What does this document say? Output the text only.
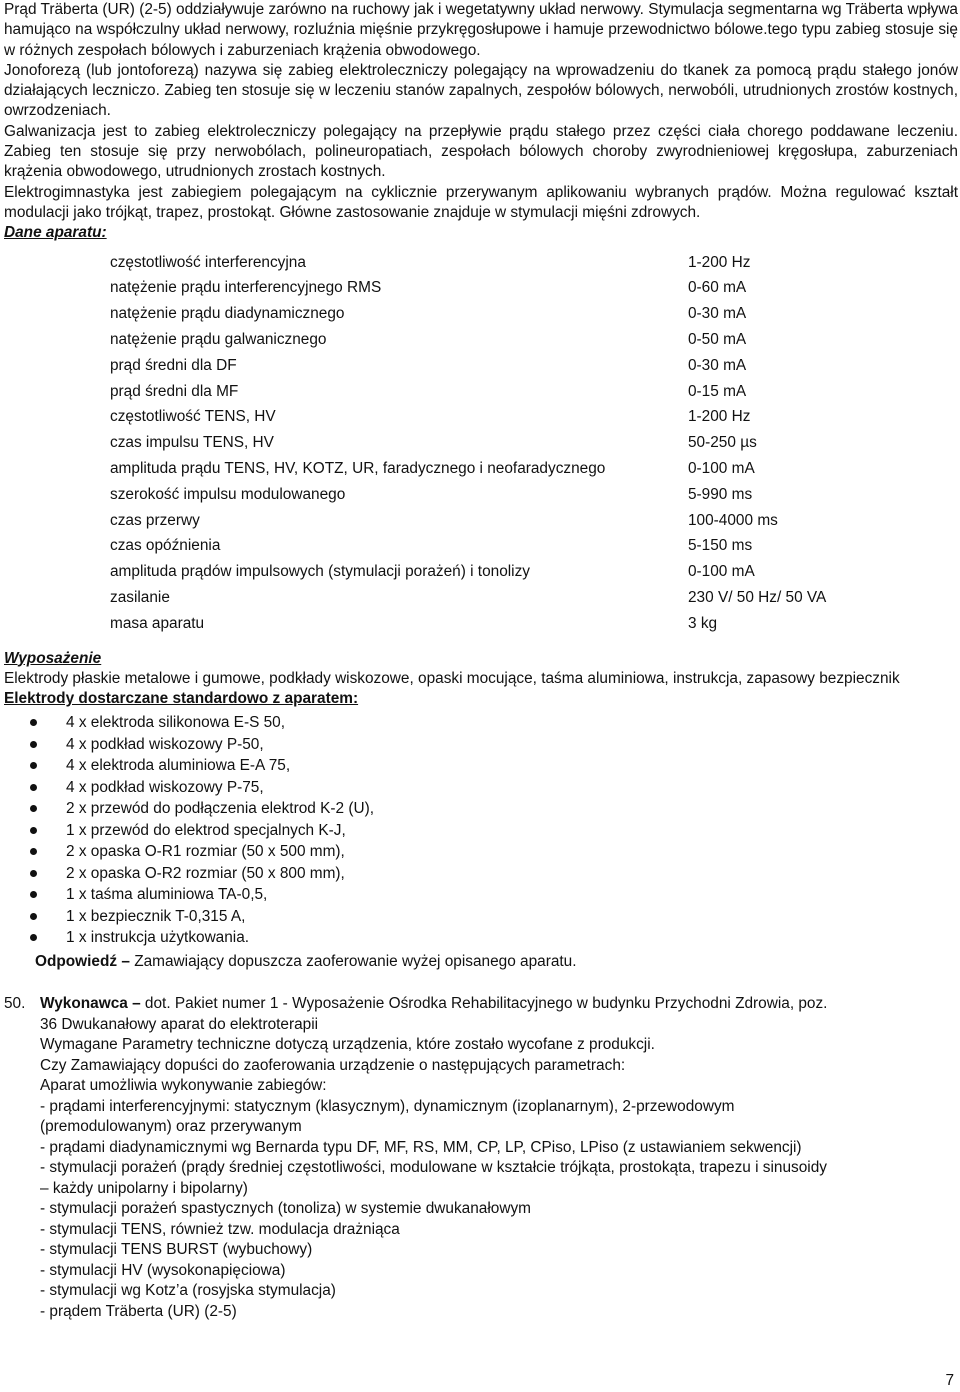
Prąd Träberta (UR) (2-5) oddziaływuje zarówno na ruchowy jak i wegetatywny układ nerwowy. Stymulacja segmentarna wg Träberta wpływa hamująco na współczulny układ nerwowy, rozluźnia mięśnie przykręgosłupowe i hamuje przewodnictwo bólowe.tego typu zabieg stosuje się w różnych zespołach bólowych i zaburzeniach krążenia obwodowego.

Jonoforezą (lub jontoforezą) nazywa się zabieg elektroleczniczy polegający na wprowadzeniu do tkanek za pomocą prądu stałego jonów działających leczniczo. Zabieg ten stosuje się w leczeniu stanów zapalnych, zespołów bólowych, nerwobóli, utrudnionych zrostów kostnych, owrzodzeniach.

Galwanizacja jest to zabieg elektroleczniczy polegający na przepływie prądu stałego przez części ciała chorego poddawane leczeniu. Zabieg ten stosuje się przy nerwobólach, polineuropatiach, zespołach bólowych choroby zwyrodnieniowej kręgosłupa, zaburzeniach krążenia obwodowego, utrudnionych zrostach kostnych.

Elektrogimnastyka jest zabiegiem polegającym na cyklicznie przerywanym aplikowaniu wybranych prądów. Można regulować kształt modulacji jako trójkąt, trapez, prostokąt. Główne zastosowanie znajduje w stymulacji mięśni zdrowych.

Dane aparatu:

częstotliwość interferencyjna	1-200 Hz
natężenie prądu interferencyjnego RMS	0-60 mA
natężenie prądu diadynamicznego	0-30 mA
natężenie prądu galwanicznego	0-50 mA
prąd średni dla DF	0-30 mA
prąd średni dla MF	0-15 mA
częstotliwość TENS, HV	1-200 Hz
czas impulsu TENS, HV	50-250 µs
amplituda prądu TENS, HV, KOTZ, UR, faradycznego i neofaradycznego	0-100 mA
szerokość impulsu modulowanego	5-990 ms
czas przerwy	100-4000 ms
czas opóźnienia	5-150 ms
amplituda prądów impulsowych (stymulacji porażeń) i tonolizy	0-100 mA
zasilanie	230 V/ 50 Hz/ 50 VA
masa aparatu	3 kg

Wyposażenie

Elektrody płaskie metalowe i gumowe, podkłady wiskozowe, opaski mocujące, taśma aluminiowa, instrukcja, zapasowy bezpiecznik

Elektrody dostarczane standardowo z aparatem:

4 x elektroda silikonowa E-S 50,
4 x podkład wiskozowy P-50,
4 x elektroda aluminiowa E-A 75,
4 x podkład wiskozowy P-75,
2 x przewód do podłączenia elektrod K-2 (U),
1 x przewód do elektrod specjalnych K-J,
2 x opaska O-R1 rozmiar (50 x 500 mm),
2 x opaska O-R2 rozmiar (50 x 800 mm),
1 x taśma aluminiowa TA-0,5,
1 x bezpiecznik T-0,315 A,
1 x instrukcja użytkowania.

Odpowiedź – Zamawiający dopuszcza zaoferowanie wyżej opisanego aparatu.

50. Wykonawca – dot. Pakiet numer 1 - Wyposażenie Ośrodka Rehabilitacyjnego w budynku Przychodni Zdrowia, poz.

36 Dwukanałowy aparat do elektroterapii

Wymagane Parametry techniczne dotyczą urządzenia, które zostało wycofane z produkcji.

Czy Zamawiający dopuści do zaoferowania urządzenie o następujących parametrach:

Aparat umożliwia wykonywanie zabiegów:

- prądami interferencyjnymi: statycznym (klasycznym), dynamicznym (izoplanarnym), 2-przewodowym

(premodulowanym) oraz przerywanym

- prądami diadynamicznymi wg Bernarda typu DF, MF, RS, MM, CP, LP, CPiso, LPiso (z ustawianiem sekwencji)

- stymulacji porażeń (prądy średniej częstotliwości, modulowane w kształcie trójkąta, prostokąta, trapezu i sinusoidy

– każdy unipolarny i bipolarny)

- stymulacji porażeń spastycznych (tonoliza) w systemie dwukanałowym

- stymulacji TENS, również tzw. modulacja drażniąca

- stymulacji TENS BURST (wybuchowy)

- stymulacji HV (wysokonapięciowa)

- stymulacji wg Kotz’a (rosyjska stymulacja)

- prądem Träberta (UR) (2-5)

7
